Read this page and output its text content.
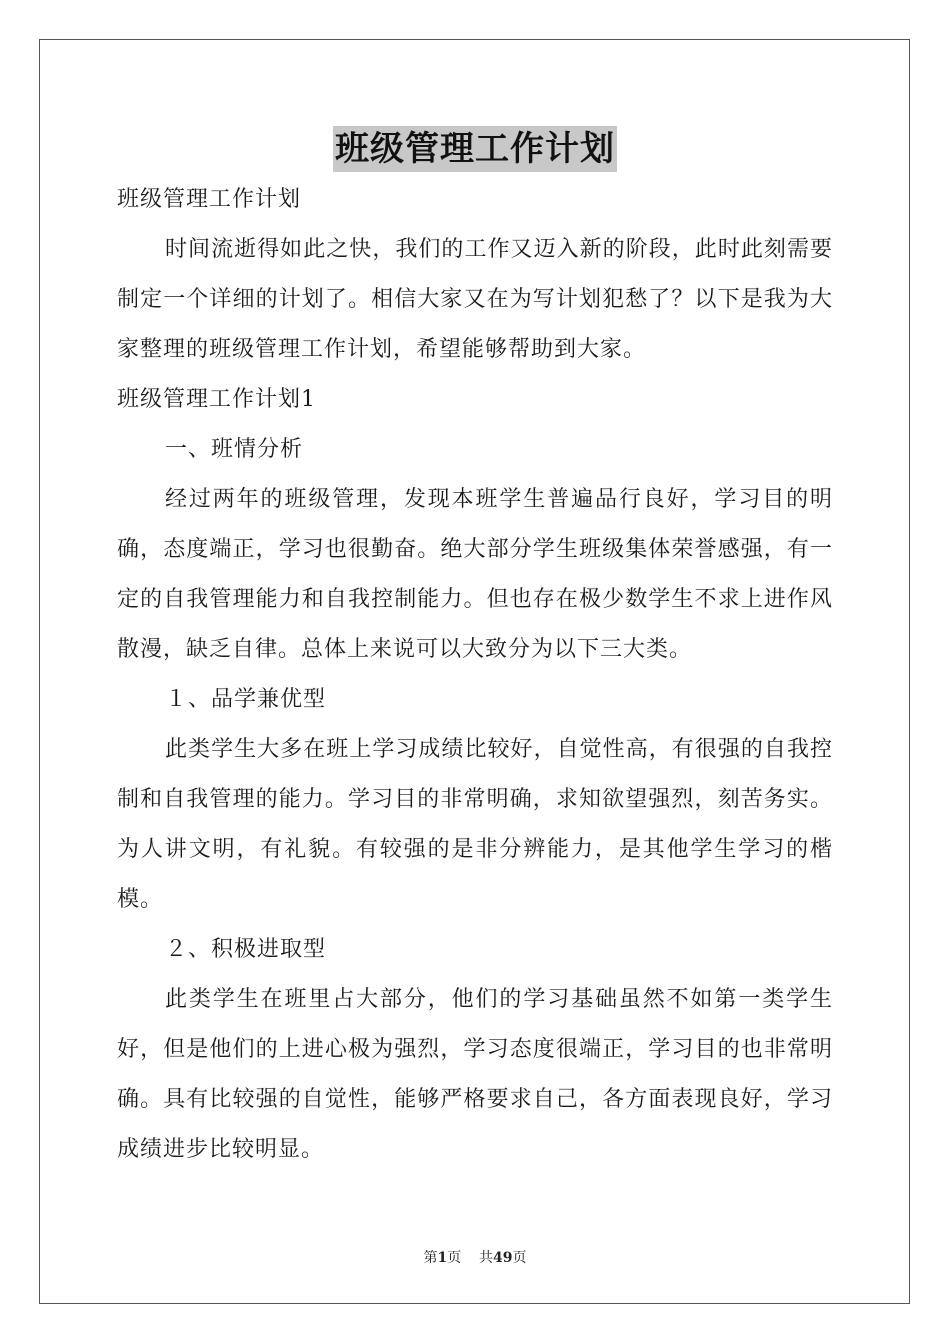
班级管理工作计划

班级管理工作计划

时间流逝得如此之快，我们的工作又迈入新的阶段，此时此刻需要制定一个详细的计划了。相信大家又在为写计划犯愁了？以下是我为大家整理的班级管理工作计划，希望能够帮助到大家。

班级管理工作计划1

一、班情分析

经过两年的班级管理，发现本班学生普遍品行良好，学习目的明确，态度端正，学习也很勤奋。绝大部分学生班级集体荣誉感强，有一定的自我管理能力和自我控制能力。但也存在极少数学生不求上进作风散漫，缺乏自律。总体上来说可以大致分为以下三大类。

１、品学兼优型

此类学生大多在班上学习成绩比较好，自觉性高，有很强的自我控制和自我管理的能力。学习目的非常明确，求知欲望强烈，刻苦务实。为人讲文明，有礼貌。有较强的是非分辨能力，是其他学生学习的楷模。

２、积极进取型

此类学生在班里占大部分，他们的学习基础虽然不如第一类学生好，但是他们的上进心极为强烈，学习态度很端正，学习目的也非常明确。具有比较强的自觉性，能够严格要求自己，各方面表现良好，学习成绩进步比较明显。

第1页 共49页
